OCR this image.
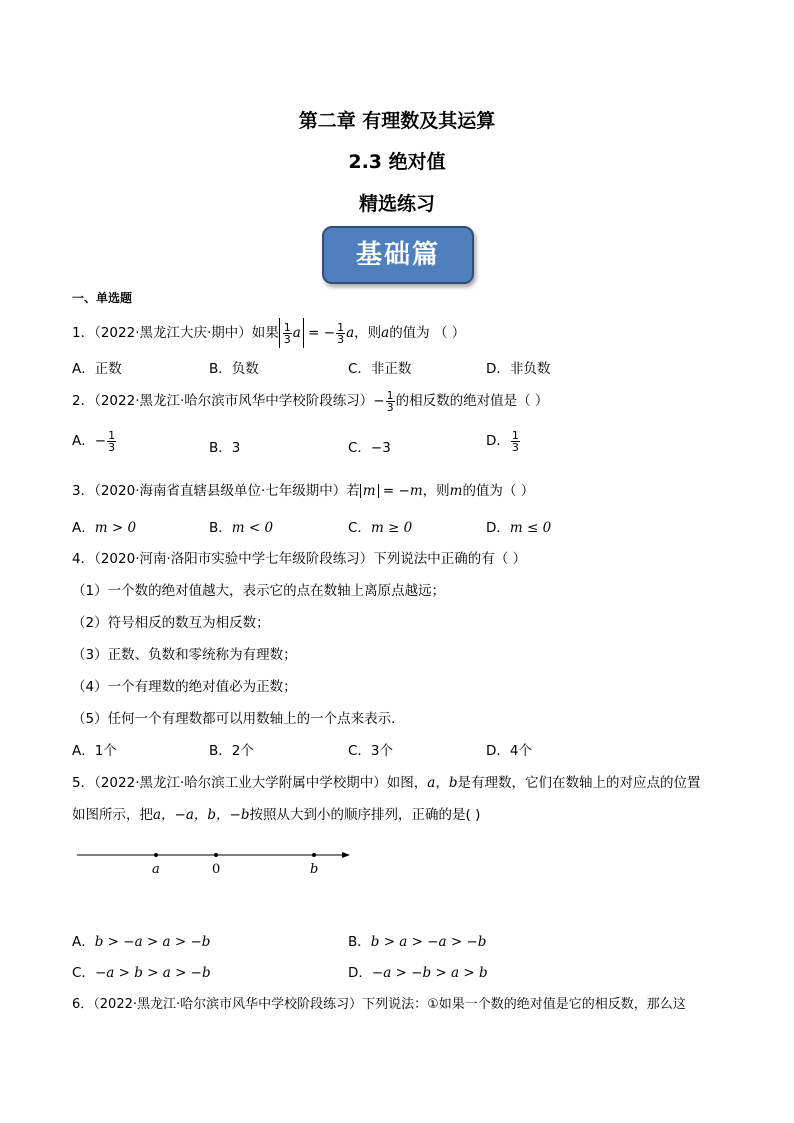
第二章 有理数及其运算
2.3 绝对值
精选练习
基础篇
一、单选题
1．（2022·黑龙江大庆·期中）如果 $\frac{1}{3}$ a = − $\frac{1}{3}$ a，则a的值为 （ ）
A．正数	B．负数	C．非正数	D．非负数
2．（2022·黑龙江·哈尔滨市风华中学校阶段练习）− $\frac{1}{3}$ 的相反数的绝对值是（ ）
A．− $\frac{1}{3}$	B．3	C．−3	D． $\frac{1}{3}$
3．（2020·海南省直辖县级单位·七年级期中）若 m = −m，则m的值为（ ）
A．m > 0	B．m < 0	C．m ≥ 0	D．m ≤ 0
4．（2020·河南·洛阳市实验中学七年级阶段练习）下列说法中正确的有（ ）
（1）一个数的绝对值越大，表示它的点在数轴上离原点越远；
（2）符号相反的数互为相反数；
（3）正数、负数和零统称为有理数；
（4）一个有理数的绝对值必为正数；
（5）任何一个有理数都可以用数轴上的一个点来表示．
A．1个	B．2个	C．3个	D．4个
5．（2022·黑龙江·哈尔滨工业大学附属中学校期中）如图，a，b是有理数，它们在数轴上的对应点的位置
如图所示，把a，−a，b，−b按照从大到小的顺序排列，正确的是( )
a	0	b
A．b > −a > a > −b	B．b > a > −a > −b
C．−a > b > a > −b	D．−a > −b > a > b
6．（2022·黑龙江·哈尔滨市风华中学校阶段练习）下列说法：①如果一个数的绝对值是它的相反数，那么这
